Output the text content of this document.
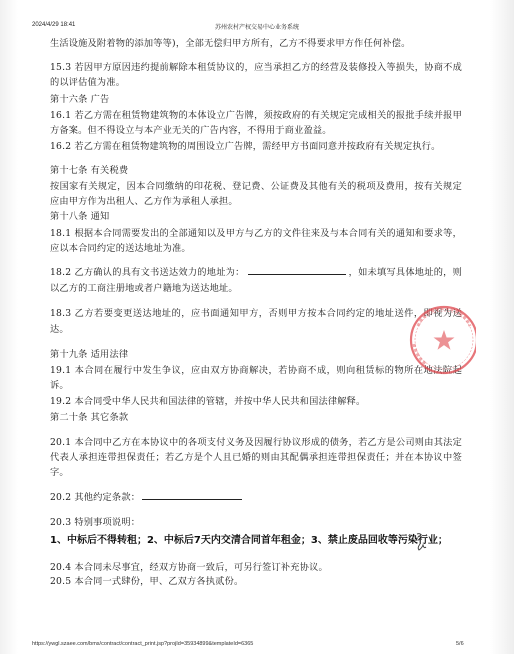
苏州农村产权交易中心业务系统
2024/4/29 18:41

生活设施及附着物的添加等等)，全部无偿归甲方所有，乙方不得要求甲方作任何补偿。

15.3 若因甲方原因违约提前解除本租赁协议的，应当承担乙方的经营及装修投入等损失，协商不成的以评估值为准。

第十六条 广告

16.1 若乙方需在租赁物建筑物的本体设立广告牌，须按政府的有关规定完成相关的报批手续并报甲方备案。但不得设立与本产业无关的广告内容，不得用于商业盈益。

16.2 若乙方需在租赁物建筑物的周围设立广告牌，需经甲方书面同意并按政府有关规定执行。

第十七条 有关税费

按国家有关规定，因本合同缴纳的印花税、登记费、公证费及其他有关的税项及费用，按有关规定应由甲方作为出租人、乙方作为承租人承担。

第十八条 通知

18.1 根据本合同需要发出的全部通知以及甲方与乙方的文件往来及与本合同有关的通知和要求等，应以本合同约定的送达地址为准。

18.2 乙方确认的具有文书送达效力的地址为：	，如未填写具体地址的，则以乙方的工商注册地或者户籍地为送达地址。

18.3 乙方若要变更送达地址的，应书面通知甲方，否则甲方按本合同约定的地址送件，即视为送达。

第十九条 适用法律

19.1 本合同在履行中发生争议，应由双方协商解决，若协商不成，则向租赁标的物所在地法院起诉。

19.2 本合同受中华人民共和国法律的管辖，并按中华人民共和国法律解释。

第二十条 其它条款

20.1 本合同中乙方在本协议中的各项支付义务及因履行协议形成的债务，若乙方是公司则由其法定代表人承担连带担保责任；若乙方是个人且已婚的则由其配偶承担连带担保责任；并在本协议中签字。

20.2 其他约定条款：

20.3 特别事项说明：

1、中标后不得转租；2、中标后7天内交清合同首年租金；3、禁止废品回收等污染行业；

20.4 本合同未尽事宜，经双方协商一致后，可另行签订补充协议。

20.5 本合同一式肆份，甲、乙双方各执贰份。

https://ywgl.szaee.com/bms/contract/contract_print.jsp?projId=35934899&templateId=6365	5/6
